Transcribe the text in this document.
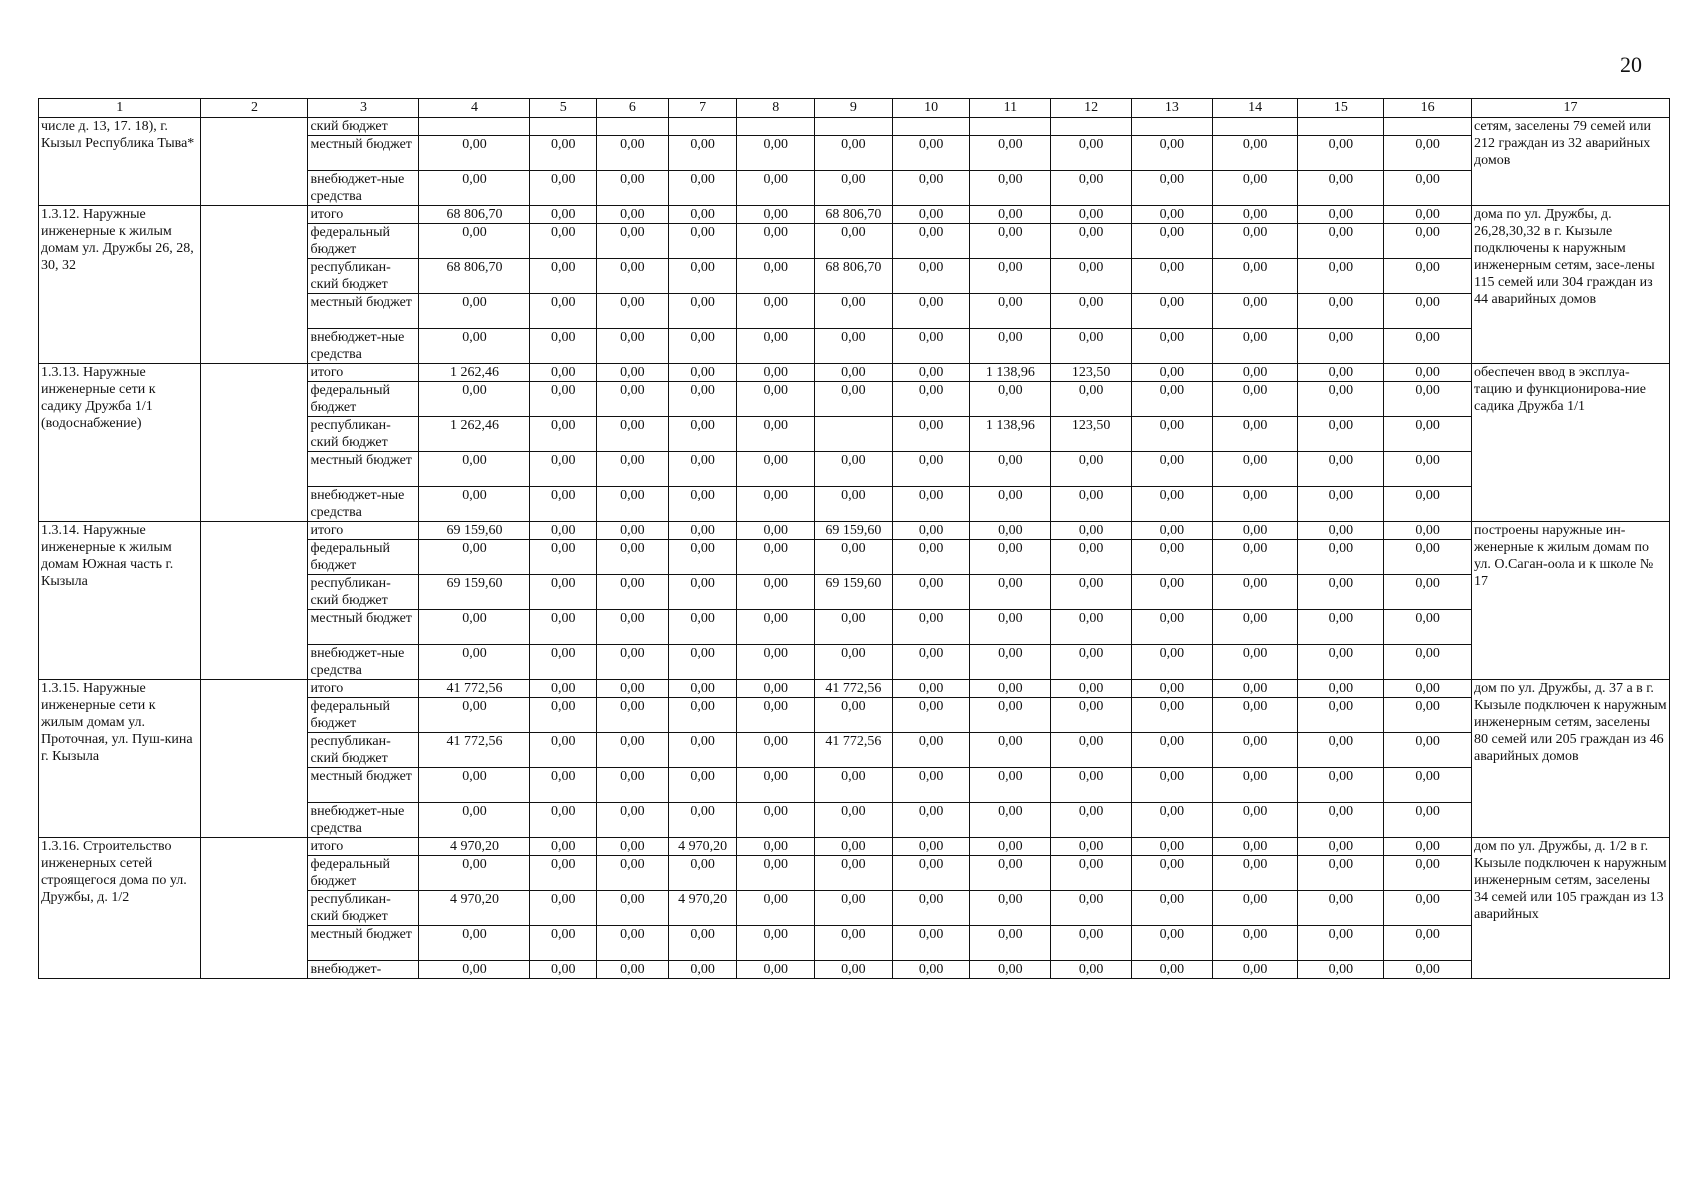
20
1	2	3	4	5	6	7	8	9	10	11	12	13	14	15	16	17
числе д. 13, 17. 18), г. Кызыл Республика Тыва*		ский бюджет														сетям, заселены 79 семей или 212 граждан из 32 аварийных домов
		местный бюджет	0,00	0,00	0,00	0,00	0,00	0,00	0,00	0,00	0,00	0,00	0,00	0,00	0,00	
		внебюджет-ные средства	0,00	0,00	0,00	0,00	0,00	0,00	0,00	0,00	0,00	0,00	0,00	0,00	0,00	
1.3.12. Наружные инженерные к жилым домам ул. Дружбы 26, 28, 30, 32		итого	68 806,70	0,00	0,00	0,00	0,00	68 806,70	0,00	0,00	0,00	0,00	0,00	0,00	0,00	дома по ул. Дружбы, д. 26,28,30,32 в г. Кызыле подключены к наружным инженерным сетям, засе-лены 115 семей или 304 граждан из 44 аварийных домов
		федеральный бюджет	0,00	0,00	0,00	0,00	0,00	0,00	0,00	0,00	0,00	0,00	0,00	0,00	0,00	
		республикан-ский бюджет	68 806,70	0,00	0,00	0,00	0,00	68 806,70	0,00	0,00	0,00	0,00	0,00	0,00	0,00	
		местный бюджет	0,00	0,00	0,00	0,00	0,00	0,00	0,00	0,00	0,00	0,00	0,00	0,00	0,00	
		внебюджет-ные средства	0,00	0,00	0,00	0,00	0,00	0,00	0,00	0,00	0,00	0,00	0,00	0,00	0,00	
1.3.13. Наружные инженерные сети к садику Дружба 1/1 (водоснабжение)		итого	1 262,46	0,00	0,00	0,00	0,00	0,00	0,00	1 138,96	123,50	0,00	0,00	0,00	0,00	обеспечен ввод в эксплуа-тацию и функционирова-ние садика Дружба 1/1
		федеральный бюджет	0,00	0,00	0,00	0,00	0,00	0,00	0,00	0,00	0,00	0,00	0,00	0,00	0,00	
		республикан-ский бюджет	1 262,46	0,00	0,00	0,00	0,00		0,00	1 138,96	123,50	0,00	0,00	0,00	0,00	
		местный бюджет	0,00	0,00	0,00	0,00	0,00	0,00	0,00	0,00	0,00	0,00	0,00	0,00	0,00	
		внебюджет-ные средства	0,00	0,00	0,00	0,00	0,00	0,00	0,00	0,00	0,00	0,00	0,00	0,00	0,00	
1.3.14. Наружные инженерные к жилым домам Южная часть г. Кызыла		итого	69 159,60	0,00	0,00	0,00	0,00	69 159,60	0,00	0,00	0,00	0,00	0,00	0,00	0,00	построены наружные ин-женерные к жилым домам по ул. О.Саган-оола и к школе № 17
		федеральный бюджет	0,00	0,00	0,00	0,00	0,00	0,00	0,00	0,00	0,00	0,00	0,00	0,00	0,00	
		республикан-ский бюджет	69 159,60	0,00	0,00	0,00	0,00	69 159,60	0,00	0,00	0,00	0,00	0,00	0,00	0,00	
		местный бюджет	0,00	0,00	0,00	0,00	0,00	0,00	0,00	0,00	0,00	0,00	0,00	0,00	0,00	
		внебюджет-ные средства	0,00	0,00	0,00	0,00	0,00	0,00	0,00	0,00	0,00	0,00	0,00	0,00	0,00	
1.3.15. Наружные инженерные сети к жилым домам ул. Проточная, ул. Пуш-кина г. Кызыла		итого	41 772,56	0,00	0,00	0,00	0,00	41 772,56	0,00	0,00	0,00	0,00	0,00	0,00	0,00	дом по ул. Дружбы, д. 37 а в г. Кызыле подключен к наружным инженерным сетям, заселены 80 семей или 205 граждан из 46 аварийных домов
		федеральный бюджет	0,00	0,00	0,00	0,00	0,00	0,00	0,00	0,00	0,00	0,00	0,00	0,00	0,00	
		республикан-ский бюджет	41 772,56	0,00	0,00	0,00	0,00	41 772,56	0,00	0,00	0,00	0,00	0,00	0,00	0,00	
		местный бюджет	0,00	0,00	0,00	0,00	0,00	0,00	0,00	0,00	0,00	0,00	0,00	0,00	0,00	
		внебюджет-ные средства	0,00	0,00	0,00	0,00	0,00	0,00	0,00	0,00	0,00	0,00	0,00	0,00	0,00	
1.3.16. Строительство инженерных сетей строящегося дома по ул. Дружбы, д. 1/2		итого	4 970,20	0,00	0,00	4 970,20	0,00	0,00	0,00	0,00	0,00	0,00	0,00	0,00	0,00	дом по ул. Дружбы, д. 1/2 в г. Кызыле подключен к наружным инженерным сетям, заселены 34 семей или 105 граждан из 13 аварийных
		федеральный бюджет	0,00	0,00	0,00	0,00	0,00	0,00	0,00	0,00	0,00	0,00	0,00	0,00	0,00	
		республикан-ский бюджет	4 970,20	0,00	0,00	4 970,20	0,00	0,00	0,00	0,00	0,00	0,00	0,00	0,00	0,00	
		местный бюджет	0,00	0,00	0,00	0,00	0,00	0,00	0,00	0,00	0,00	0,00	0,00	0,00	0,00	
		внебюджет-	0,00	0,00	0,00	0,00	0,00	0,00	0,00	0,00	0,00	0,00	0,00	0,00	0,00	
